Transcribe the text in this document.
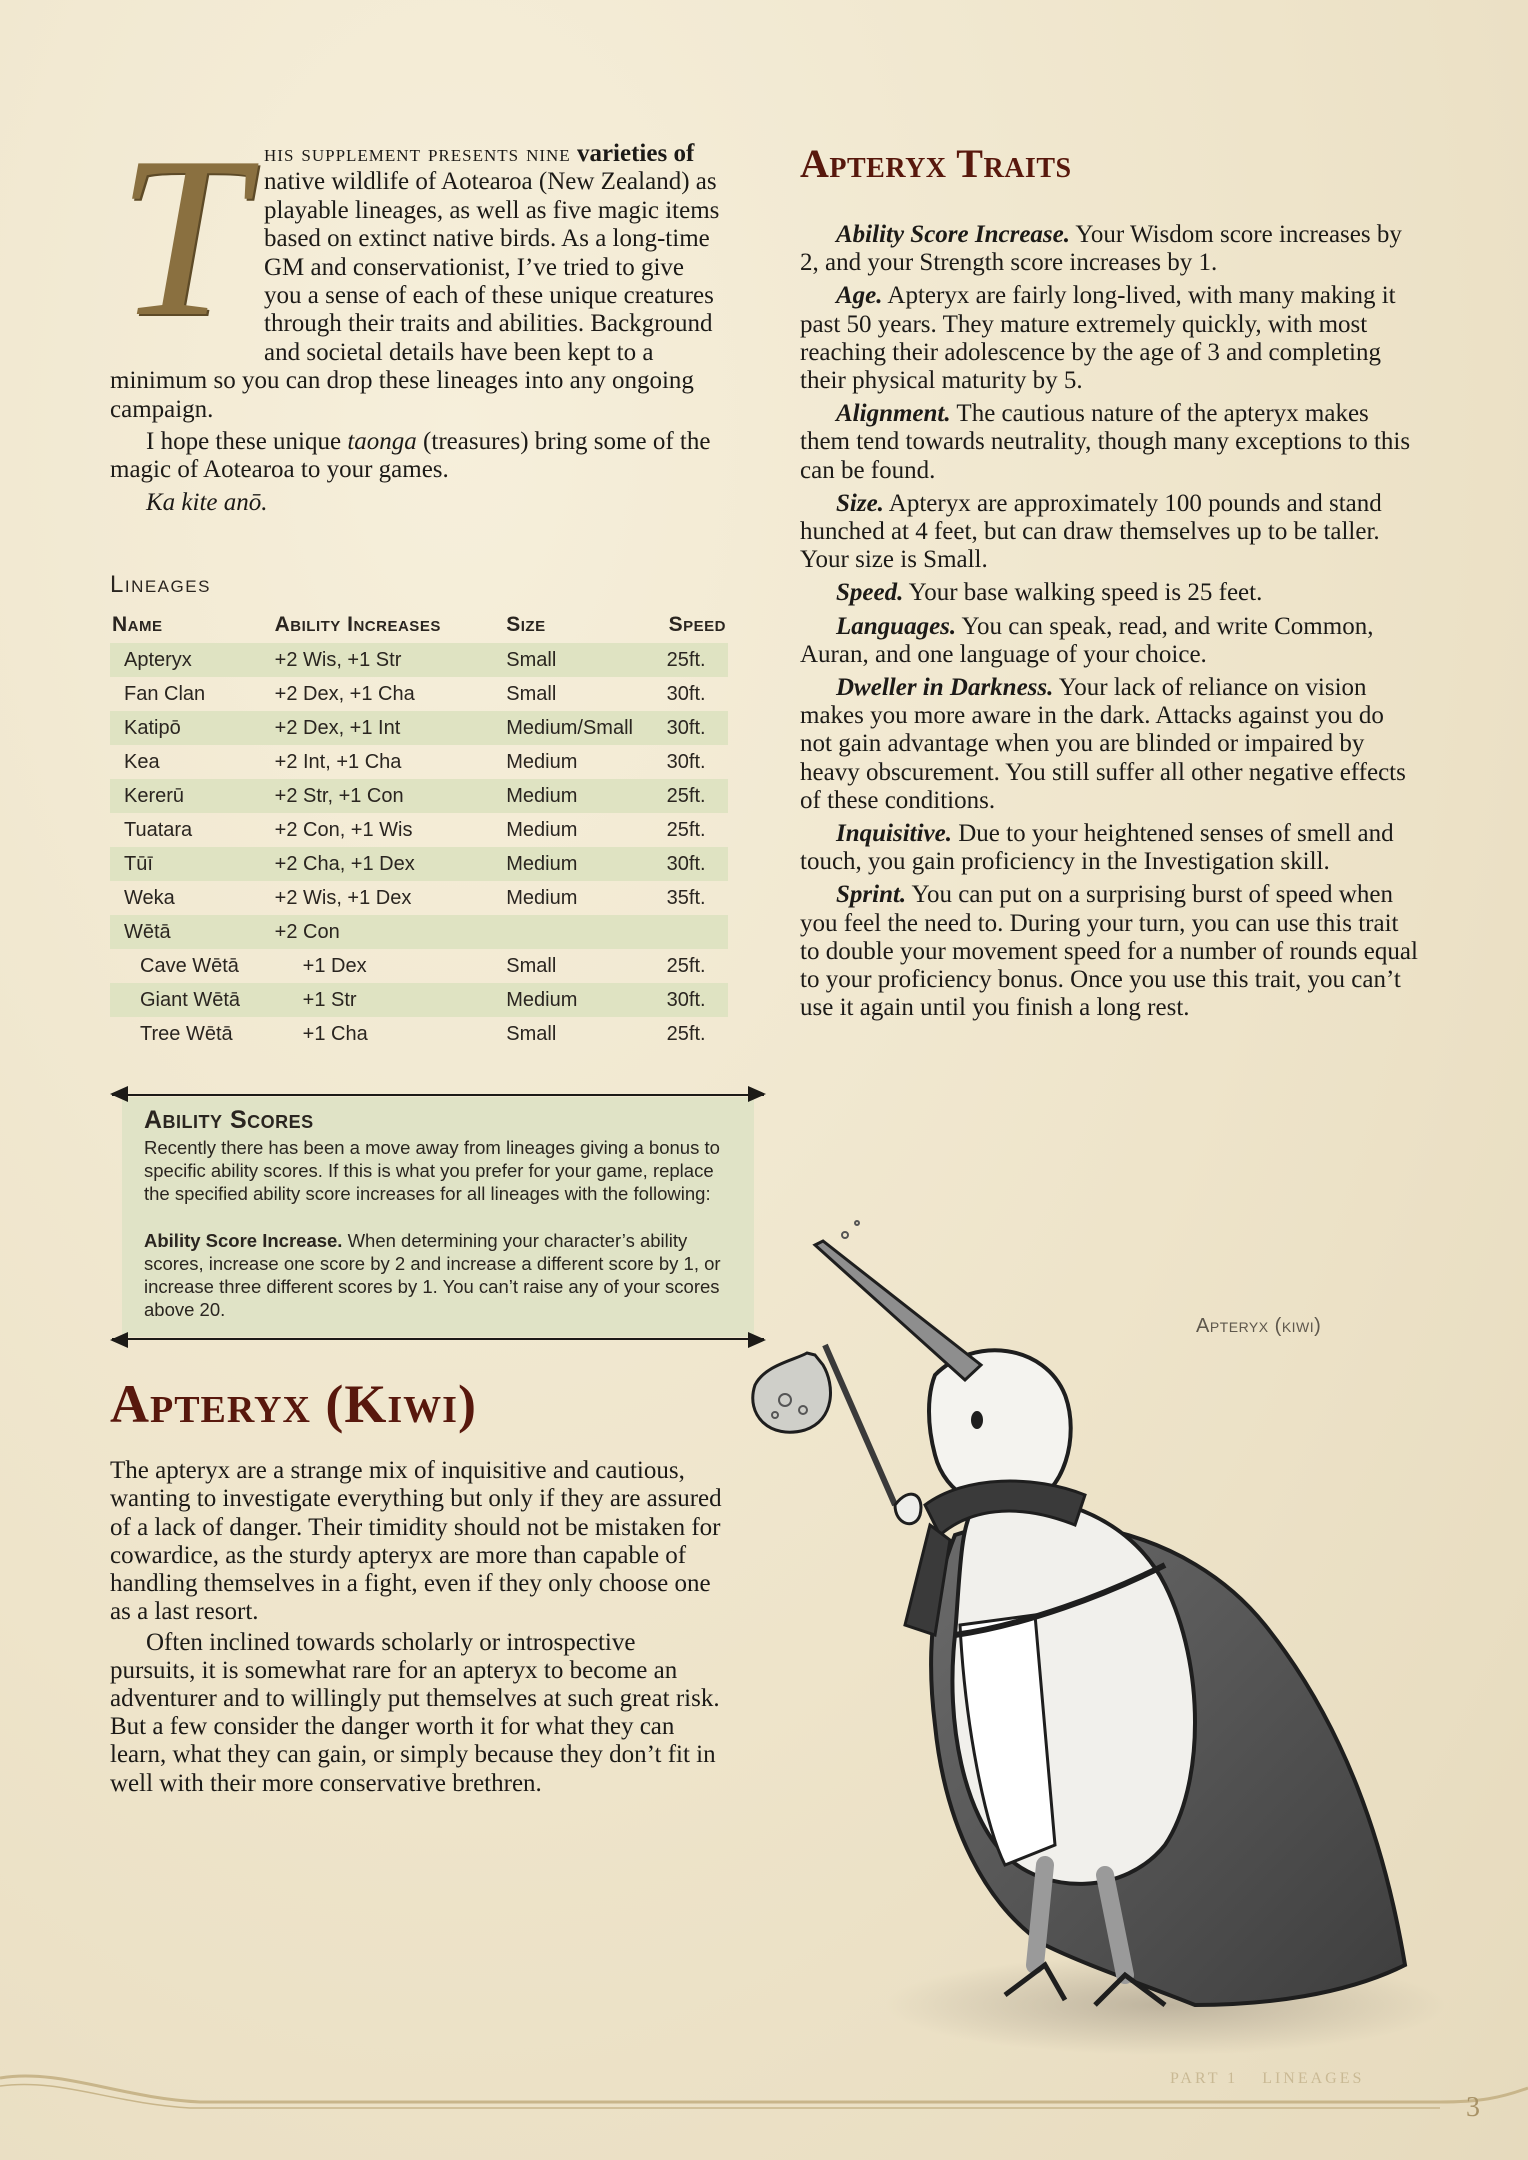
T his supplement presents nine varieties of native wildlife of Aotearoa (New Zealand) as playable lineages, as well as five magic items based on extinct native birds. As a long-time GM and conservationist, I’ve tried to give you a sense of each of these unique creatures through their traits and abilities. Background and societal details have been kept to a minimum so you can drop these lineages into any ongoing campaign.

I hope these unique taonga (treasures) bring some of the magic of Aotearoa to your games.

Ka kite anō.

Lineages
Name	Ability Increases	Size	Speed
Apteryx	+2 Wis, +1 Str	Small	25ft.
Fan Clan	+2 Dex, +1 Cha	Small	30ft.
Katipō	+2 Dex, +1 Int	Medium/Small	30ft.
Kea	+2 Int, +1 Cha	Medium	30ft.
Kererū	+2 Str, +1 Con	Medium	25ft.
Tuatara	+2 Con, +1 Wis	Medium	25ft.
Tūī	+2 Cha, +1 Dex	Medium	30ft.
Weka	+2 Wis, +1 Dex	Medium	35ft.
Wētā	+2 Con		
Cave Wētā	+1 Dex	Small	25ft.
Giant Wētā	+1 Str	Medium	30ft.
Tree Wētā	+1 Cha	Small	25ft.
Ability Scores

Recently there has been a move away from lineages giving a bonus to specific ability scores. If this is what you prefer for your game, replace the specified ability score increases for all lineages with the following:

Ability Score Increase. When determining your character’s ability scores, increase one score by 2 and increase a different score by 1, or increase three different scores by 1. You can’t raise any of your scores above 20.

Apteryx (Kiwi)

The apteryx are a strange mix of inquisitive and cautious, wanting to investigate everything but only if they are assured of a lack of danger. Their timidity should not be mistaken for cowardice, as the sturdy apteryx are more than capable of handling themselves in a fight, even if they only choose one as a last resort.

Often inclined towards scholarly or introspective pursuits, it is somewhat rare for an apteryx to become an adventurer and to willingly put themselves at such great risk. But a few consider the danger worth it for what they can learn, what they can gain, or simply because they don’t fit in well with their more conservative brethren.

Apteryx Traits

Ability Score Increase. Your Wisdom score increases by 2, and your Strength score increases by 1.

Age. Apteryx are fairly long-lived, with many making it past 50 years. They mature extremely quickly, with most reaching their adolescence by the age of 3 and completing their physical maturity by 5.

Alignment. The cautious nature of the apteryx makes them tend towards neutrality, though many exceptions to this can be found.

Size. Apteryx are approximately 100 pounds and stand hunched at 4 feet, but can draw themselves up to be taller. Your size is Small.

Speed. Your base walking speed is 25 feet.

Languages. You can speak, read, and write Common, Auran, and one language of your choice.

Dweller in Darkness. Your lack of reliance on vision makes you more aware in the dark. Attacks against you do not gain advantage when you are blinded or impaired by heavy obscurement. You still suffer all other negative effects of these conditions.

Inquisitive. Due to your heightened senses of smell and touch, you gain proficiency in the Investigation skill.

Sprint. You can put on a surprising burst of speed when you feel the need to. During your turn, you can use this trait to double your movement speed for a number of rounds equal to your proficiency bonus. Once you use this trait, you can’t use it again until you finish a long rest.

Apteryx (kiwi)
PART 1 LINEAGES
3
